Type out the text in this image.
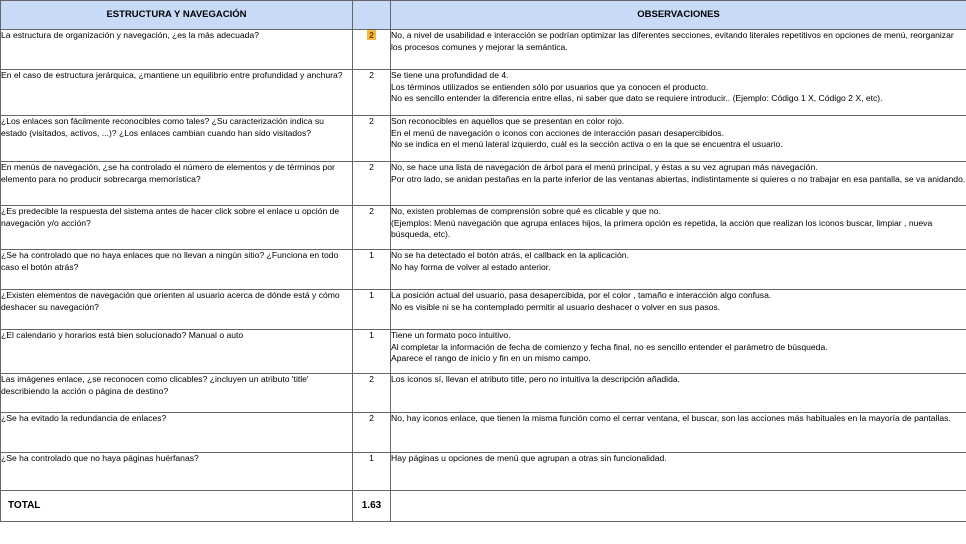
ESTRUCTURA Y NAVEGACIÓN		OBSERVACIONES
La estructura de organización y navegación, ¿es la más adecuada?	2	No, a nivel de usabilidad e interacción se podrían optimizar las diferentes secciones, evitando literales repetitivos en opciones de menú, reorganizar los procesos comunes y mejorar la semántica.

En el caso de estructura jerárquica, ¿mantiene un equilibrio entre profundidad y anchura?	2	Se tiene una profundidad de 4.
Los términos utilizados se entienden sólo por usuarios que ya conocen el producto.
No es sencillo entender la diferencia entre ellas, ni saber que dato se requiere introducir.. (Ejemplo: Código 1 X, Código 2 X, etc).

¿Los enlaces son fácilmente reconocibles como tales? ¿Su caracterización indica su estado (visitados, activos, ...)? ¿Los enlaces cambian cuando han sido visitados?	2	Son reconocibles en aquellos que se presentan en color rojo.
En el menú de navegación o iconos con acciones de interacción pasan desapercibidos.
No se indica en el menú lateral izquierdo, cuál es la sección activa o en la que se encuentra el usuario.

En menús de navegación, ¿se ha controlado el número de elementos y de términos por elemento para no producir sobrecarga memorística?	2	No, se hace una lista de navegación de árbol para el menú principal, y éstas a su vez agrupan más navegación.
Por otro lado, se anidan pestañas en la parte inferior de las ventanas abiertas, indistintamente si quieres o no trabajar en esa pantalla, se va anidando.

¿Es predecible la respuesta del sistema antes de hacer click sobre el enlace u opción de navegación y/o acción?	2	No, existen problemas de comprensión sobre qué es clicable y que no.
(Ejemplos: Menú navegación que agrupa enlaces hijos, la primera opción es repetida, la acción que realizan los iconos buscar, limpiar , nueva búsqueda, etc).

¿Se ha controlado que no haya enlaces que no llevan a ningún sitio? ¿Funciona en todo caso el botón atrás?	1	No se ha detectado el botón atrás, el callback en la aplicación.
No hay forma de volver al estado anterior.

¿Existen elementos de navegación que orienten al usuario acerca de dónde está y cómo deshacer su navegación?	1	La posición actual del usuario, pasa desapercibida, por el color , tamaño e interacción algo confusa.
No es visible ni se ha contemplado permitir al usuario deshacer o volver en sus pasos.

¿El calendario y horarios está bien solucionado? Manual o auto	1	Tiene un formato poco intuitivo.
Al completar la información de fecha de comienzo y fecha final, no es sencillo entender el parámetro de búsqueda.
Aparece el rango de inicio y fin en un mismo campo.

Las imágenes enlace, ¿se reconocen como clicables? ¿incluyen un atributo 'title' describiendo la acción o página de destino?	2	Los iconos sí, llevan el atributo title, pero no intuitiva la descripción añadida.

¿Se ha evitado la redundancia de enlaces?	2	No, hay iconos enlace, que tienen la misma función como el cerrar ventana, el buscar, son las acciones más habituales en la mayoría de pantallas.

¿Se ha controlado que no haya páginas huérfanas?	1	Hay páginas u opciones de menú que agrupan a otras sin funcionalidad.

TOTAL	1.63	
